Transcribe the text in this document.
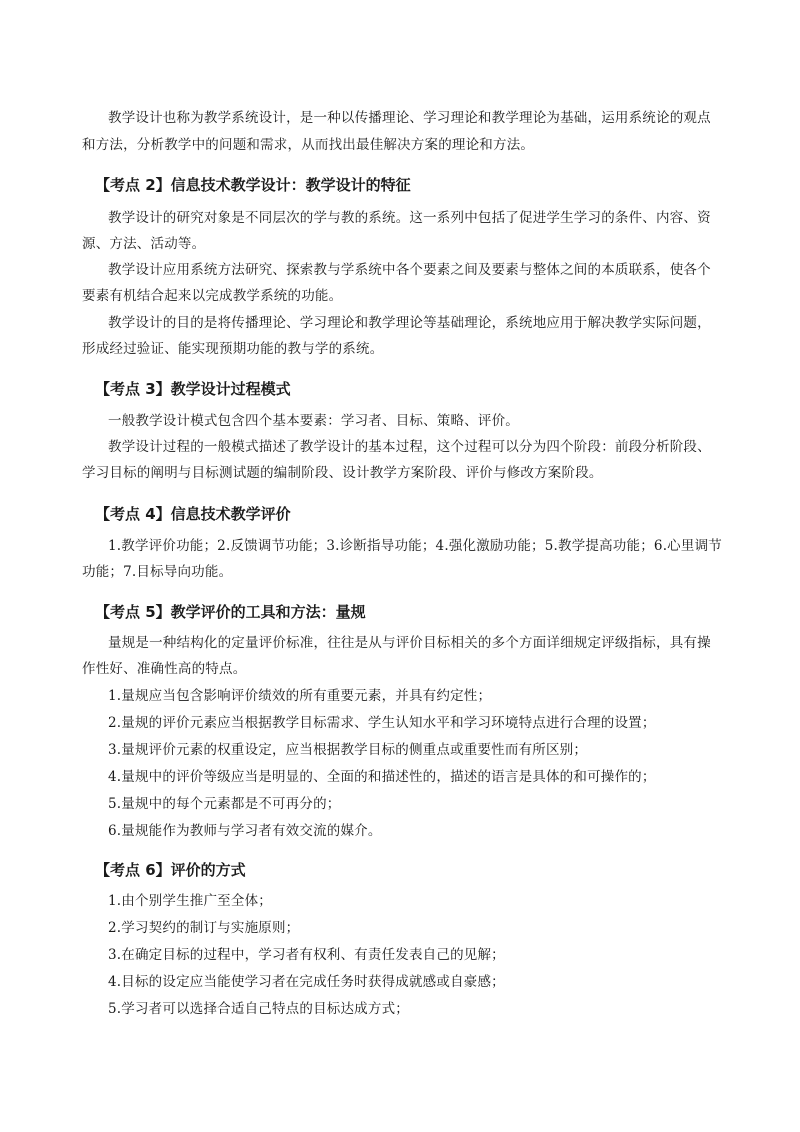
教学设计也称为教学系统设计，是一种以传播理论、学习理论和教学理论为基础，运用系统论的观点
和方法，分析教学中的问题和需求，从而找出最佳解决方案的理论和方法。
【考点 2】信息技术教学设计：教学设计的特征
教学设计的研究对象是不同层次的学与教的系统。这一系列中包括了促进学生学习的条件、内容、资
源、方法、活动等。
教学设计应用系统方法研究、探索教与学系统中各个要素之间及要素与整体之间的本质联系，使各个
要素有机结合起来以完成教学系统的功能。
教学设计的目的是将传播理论、学习理论和教学理论等基础理论，系统地应用于解决教学实际问题，
形成经过验证、能实现预期功能的教与学的系统。
【考点 3】教学设计过程模式
一般教学设计模式包含四个基本要素：学习者、目标、策略、评价。
教学设计过程的一般模式描述了教学设计的基本过程，这个过程可以分为四个阶段：前段分析阶段、
学习目标的阐明与目标测试题的编制阶段、设计教学方案阶段、评价与修改方案阶段。
【考点 4】信息技术教学评价
1.教学评价功能；2.反馈调节功能；3.诊断指导功能；4.强化激励功能；5.教学提高功能；6.心里调节
功能；7.目标导向功能。
【考点 5】教学评价的工具和方法：量规
量规是一种结构化的定量评价标准，往往是从与评价目标相关的多个方面详细规定评级指标，具有操
作性好、准确性高的特点。
1.量规应当包含影响评价绩效的所有重要元素，并具有约定性；
2.量规的评价元素应当根据教学目标需求、学生认知水平和学习环境特点进行合理的设置；
3.量规评价元素的权重设定，应当根据教学目标的侧重点或重要性而有所区别；
4.量规中的评价等级应当是明显的、全面的和描述性的，描述的语言是具体的和可操作的；
5.量规中的每个元素都是不可再分的；
6.量规能作为教师与学习者有效交流的媒介。
【考点 6】评价的方式
1.由个别学生推广至全体；
2.学习契约的制订与实施原则；
3.在确定目标的过程中，学习者有权利、有责任发表自己的见解；
4.目标的设定应当能使学习者在完成任务时获得成就感或自豪感；
5.学习者可以选择合适自己特点的目标达成方式；
